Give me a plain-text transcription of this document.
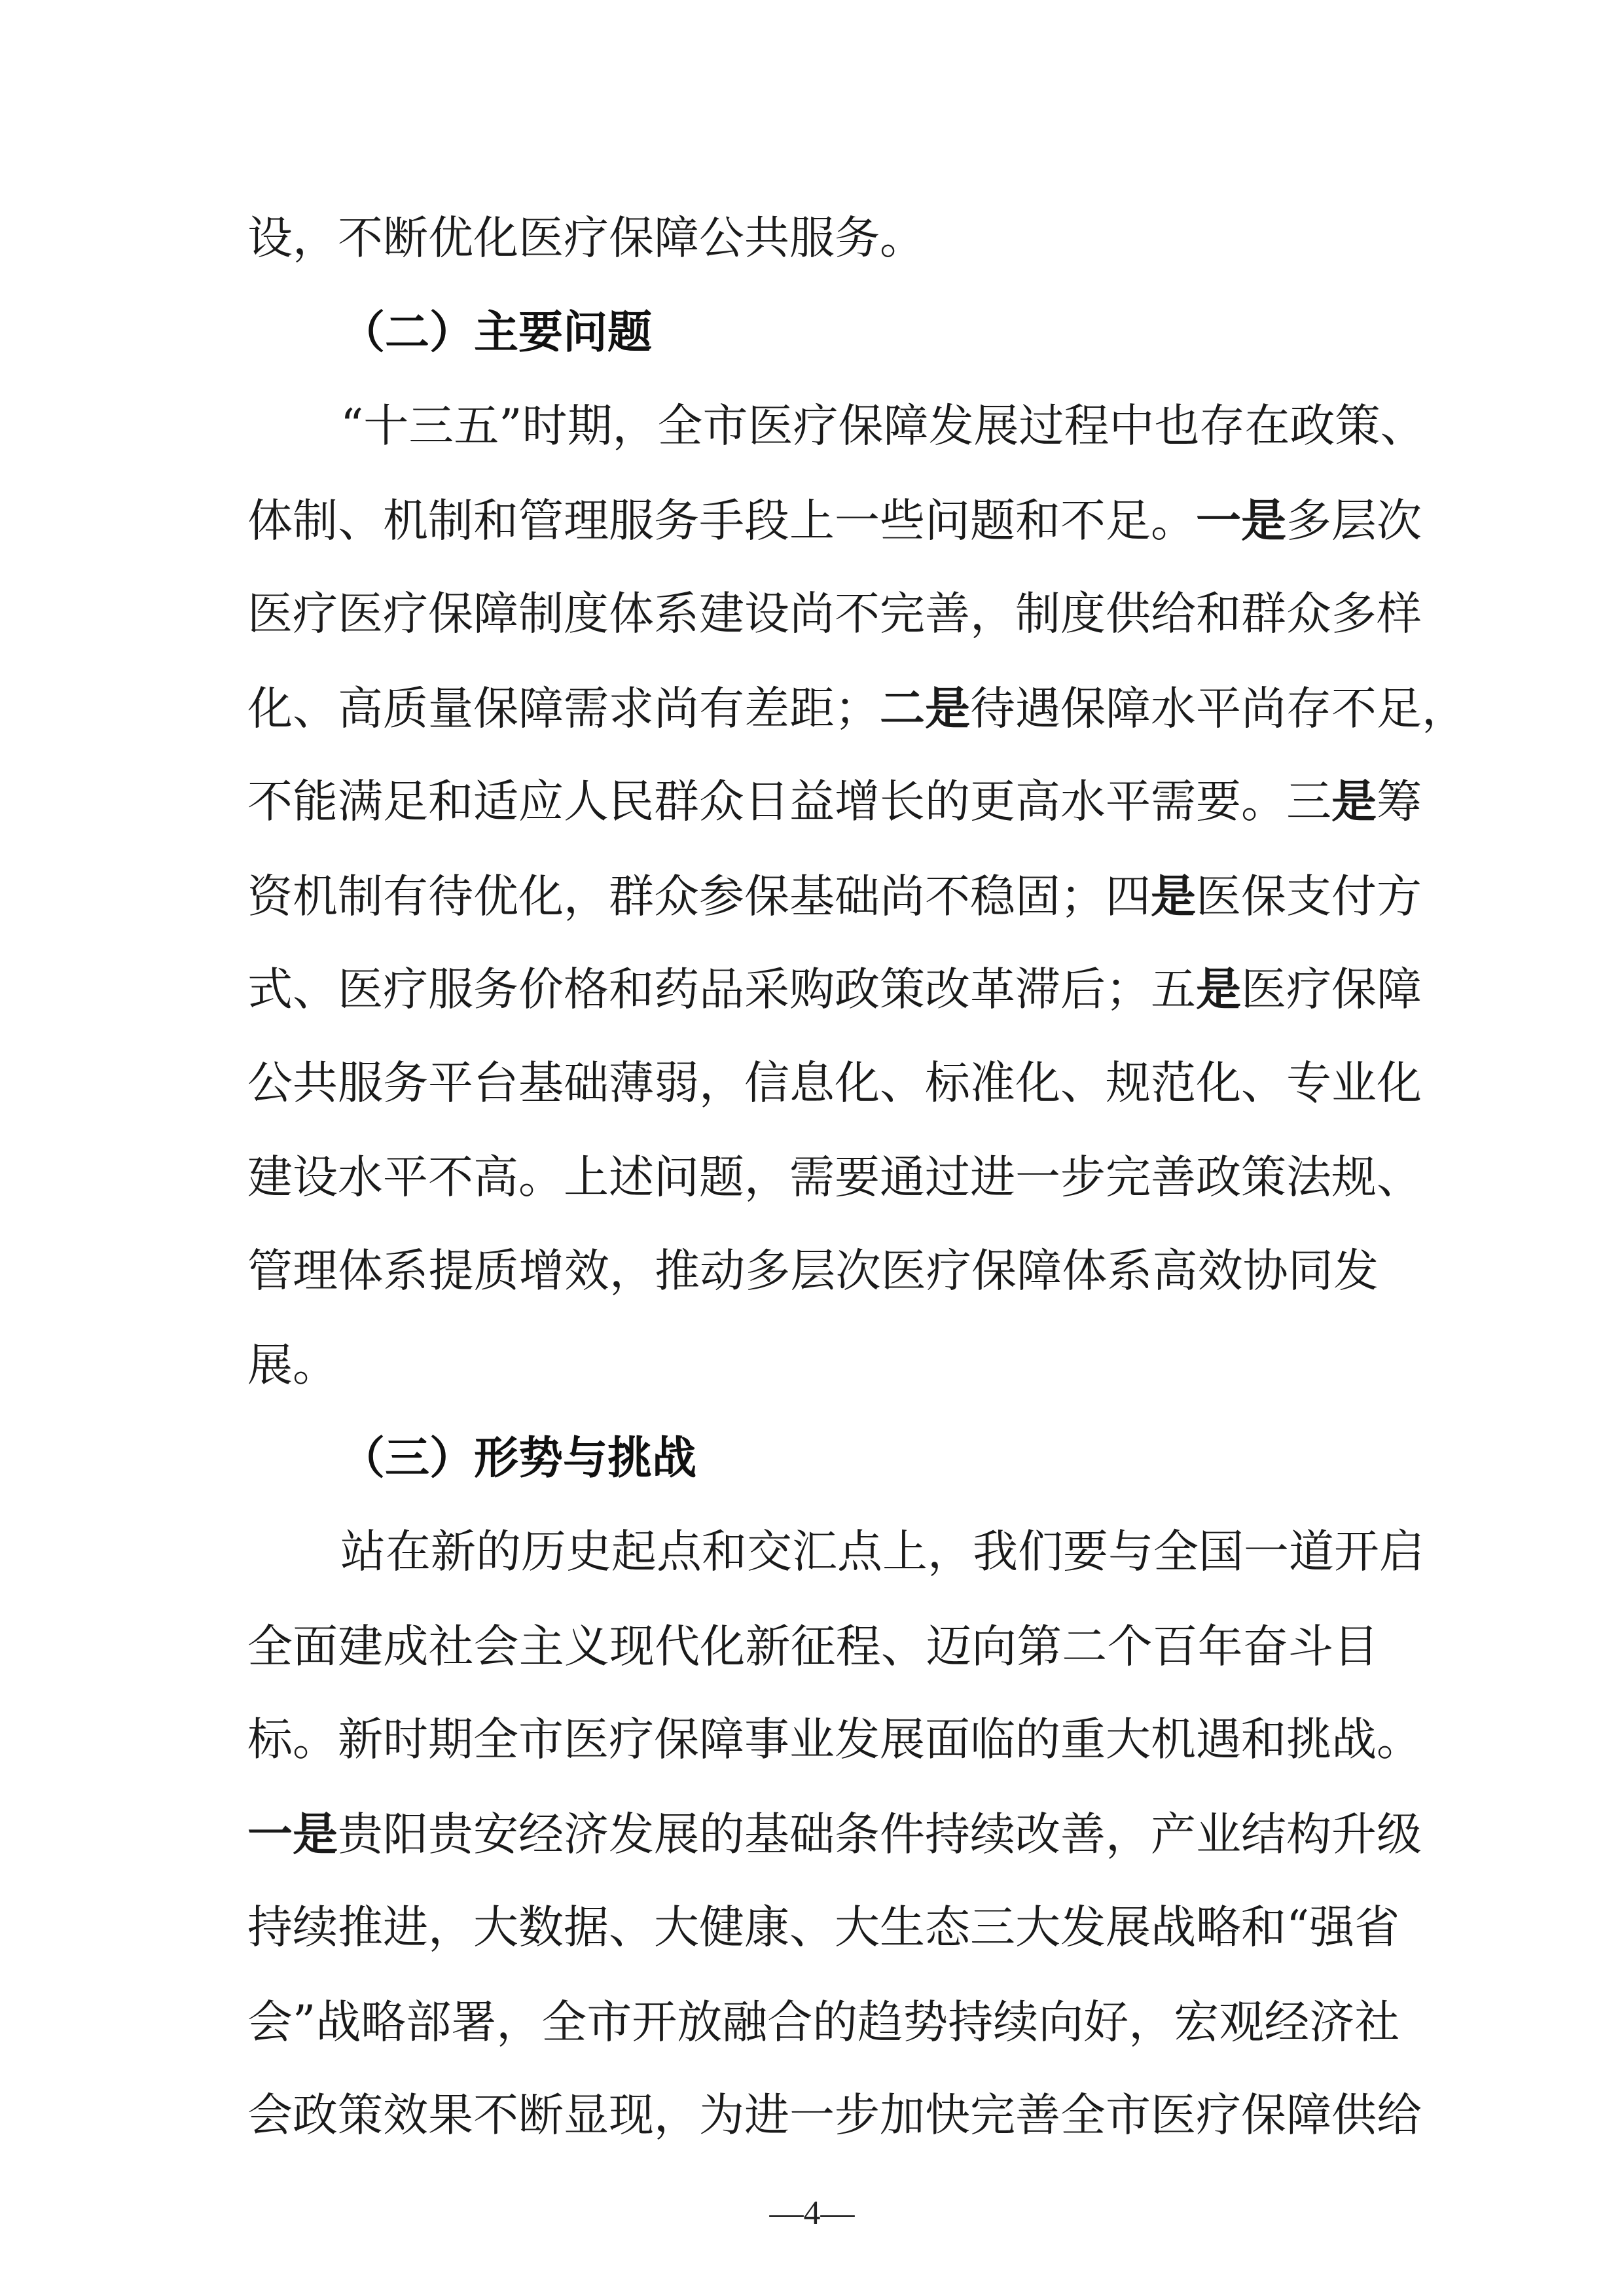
设，不断优化医疗保障公共服务。
（二）主要问题
“十三五”时期，全市医疗保障发展过程中也存在政策、
体制、机制和管理服务手段上一些问题和不足。一是多层次
医疗医疗保障制度体系建设尚不完善，制度供给和群众多样
化、高质量保障需求尚有差距；二是待遇保障水平尚存不足，
不能满足和适应人民群众日益增长的更高水平需要。三是筹
资机制有待优化，群众参保基础尚不稳固；四是医保支付方
式、医疗服务价格和药品采购政策改革滞后；五是医疗保障
公共服务平台基础薄弱，信息化、标准化、规范化、专业化
建设水平不高。上述问题，需要通过进一步完善政策法规、
管理体系提质增效，推动多层次医疗保障体系高效协同发
展。
（三）形势与挑战
站在新的历史起点和交汇点上，我们要与全国一道开启
全面建成社会主义现代化新征程、迈向第二个百年奋斗目
标。新时期全市医疗保障事业发展面临的重大机遇和挑战。
一是贵阳贵安经济发展的基础条件持续改善，产业结构升级
持续推进，大数据、大健康、大生态三大发展战略和“强省
会”战略部署，全市开放融合的趋势持续向好，宏观经济社
会政策效果不断显现，为进一步加快完善全市医疗保障供给
—4—
